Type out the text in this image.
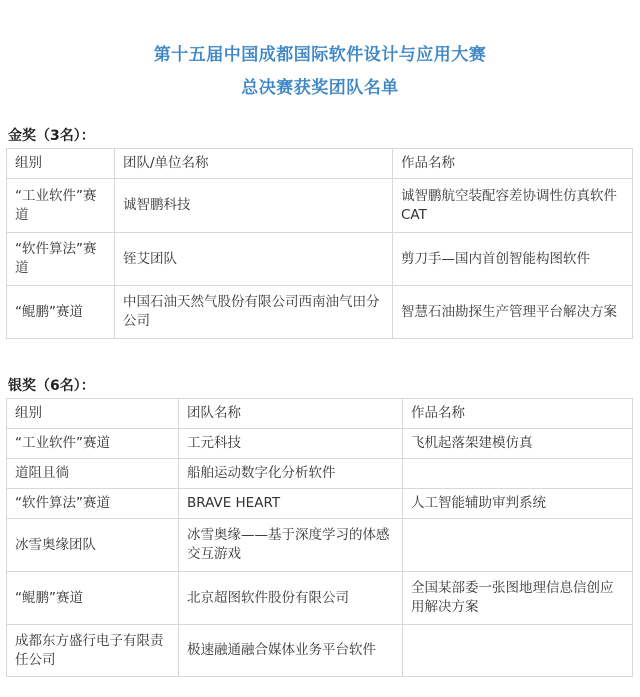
第十五届中国成都国际软件设计与应用大赛
总决赛获奖团队名单
金奖（3名）：
组别	团队/单位名称	作品名称
“工业软件”赛道	诚智鹏科技	诚智鹏航空装配容差协调性仿真软件CAT
“软件算法”赛道	铚艾团队	剪刀手—国内首创智能构图软件
“鲲鹏”赛道	中国石油天然气股份有限公司西南油气田分公司	智慧石油勘探生产管理平台解决方案
银奖（6名）：
组别	团队名称	作品名称
“工业软件”赛道	工元科技	飞机起落架建模仿真
道阻且徜	船舶运动数字化分析软件	
“软件算法”赛道	BRAVE HEART	人工智能辅助审判系统
冰雪奥缘团队	冰雪奥缘——基于深度学习的体感交互游戏	
“鲲鹏”赛道	北京超图软件股份有限公司	全国某部委一张图地理信息信创应用解决方案
成都东方盛行电子有限责任公司	极速融通融合媒体业务平台软件	
